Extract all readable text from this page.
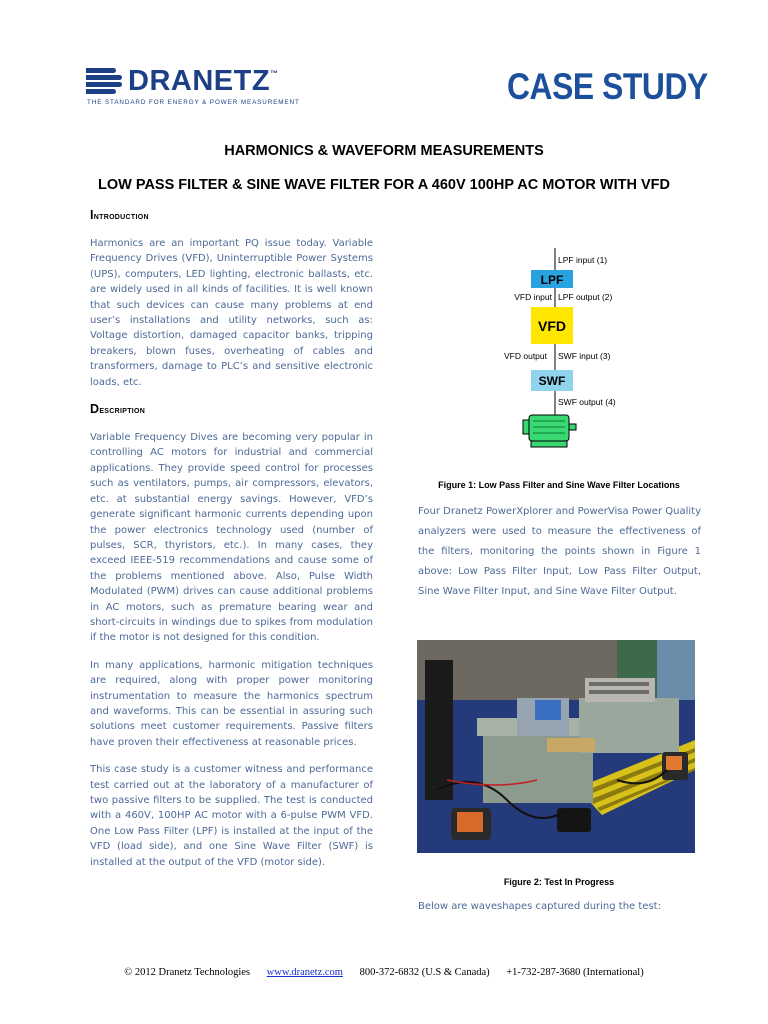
DRANETZ™
THE STANDARD FOR ENERGY & POWER MEASUREMENT	CASE STUDY
HARMONICS & WAVEFORM MEASUREMENTS
LOW PASS FILTER & SINE WAVE FILTER FOR A 460V 100HP AC MOTOR WITH VFD
Introduction

Harmonics are an important PQ issue today. Variable Frequency Drives (VFD), Uninterruptible Power Systems (UPS), computers, LED lighting, electronic ballasts, etc. are widely used in all kinds of facilities. It is well known that such devices can cause many problems at end user’s installations and utility networks, such as: Voltage distortion, damaged capacitor banks, tripping breakers, blown fuses, overheating of cables and transformers, damage to PLC’s and sensitive electronic loads, etc.

Description

Variable Frequency Dives are becoming very popular in controlling AC motors for industrial and commercial applications. They provide speed control for processes such as ventilators, pumps, air compressors, elevators, etc. at substantial energy savings. However, VFD’s generate significant harmonic currents depending upon the power electronics technology used (number of pulses, SCR, thyristors, etc.). In many cases, they exceed IEEE-519 recommendations and cause some of the problems mentioned above. Also, Pulse Width Modulated (PWM) drives can cause additional problems in AC motors, such as premature bearing wear and short-circuits in windings due to spikes from modulation if the motor is not designed for this condition.

In many applications, harmonic mitigation techniques are required, along with proper power monitoring instrumentation to measure the harmonics spectrum and waveforms. This can be essential in assuring such solutions meet customer requirements. Passive filters have proven their effectiveness at reasonable prices.

This case study is a customer witness and performance test carried out at the laboratory of a manufacturer of two passive filters to be supplied. The test is conducted with a 460V, 100HP AC motor with a 6-pulse PWM VFD. One Low Pass Filter (LPF) is installed at the input of the VFD (load side), and one Sine Wave Filter (SWF) is installed at the output of the VFD (motor side).

LPF input (1)
LPF
VFD input LPF output (2)
VFD
VFD output SWF input (3)
SWF
SWF output (4)
Figure 1: Low Pass Filter and Sine Wave Filter Locations

Four Dranetz PowerXplorer and PowerVisa Power Quality analyzers were used to measure the effectiveness of the filters, monitoring the points shown in Figure 1 above: Low Pass Filter Input, Low Pass Filter Output, Sine Wave Filter Input, and Sine Wave Filter Output.

Figure 2: Test In Progress
Below are waveshapes captured during the test:
© 2012 Dranetz Technologies www.dranetz.com 800-372-6832 (U.S & Canada) +1-732-287-3680 (International)
